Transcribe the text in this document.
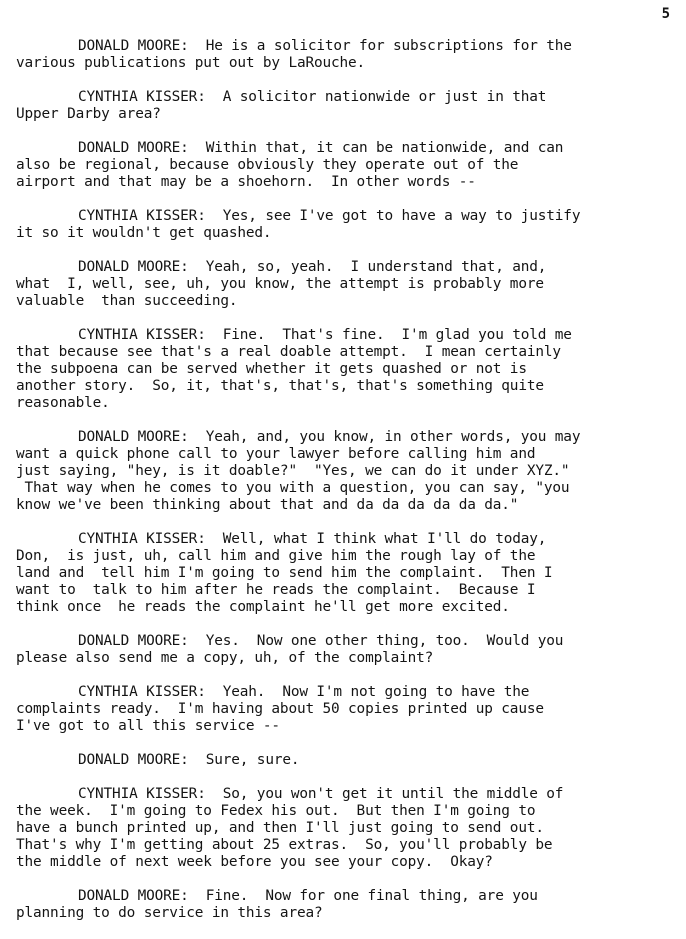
5

DONALD MOORE:  He is a solicitor for subscriptions for the
various publications put out by LaRouche.

CYNTHIA KISSER:  A solicitor nationwide or just in that
Upper Darby area?

DONALD MOORE:  Within that, it can be nationwide, and can
also be regional, because obviously they operate out of the
airport and that may be a shoehorn.  In other words --

CYNTHIA KISSER:  Yes, see I've got to have a way to justify
it so it wouldn't get quashed.

DONALD MOORE:  Yeah, so, yeah.  I understand that, and,
what  I, well, see, uh, you know, the attempt is probably more
valuable  than succeeding.

CYNTHIA KISSER:  Fine.  That's fine.  I'm glad you told me
that because see that's a real doable attempt.  I mean certainly
the subpoena can be served whether it gets quashed or not is
another story.  So, it, that's, that's, that's something quite
reasonable.

DONALD MOORE:  Yeah, and, you know, in other words, you may
want a quick phone call to your lawyer before calling him and
just saying, "hey, is it doable?"  "Yes, we can do it under XYZ."
That way when he comes to you with a question, you can say, "you
know we've been thinking about that and da da da da da da."

CYNTHIA KISSER:  Well, what I think what I'll do today,
Don,  is just, uh, call him and give him the rough lay of the
land and  tell him I'm going to send him the complaint.  Then I
want to  talk to him after he reads the complaint.  Because I
think once  he reads the complaint he'll get more excited.

DONALD MOORE:  Yes.  Now one other thing, too.  Would you
please also send me a copy, uh, of the complaint?

CYNTHIA KISSER:  Yeah.  Now I'm not going to have the
complaints ready.  I'm having about 50 copies printed up cause
I've got to all this service --

DONALD MOORE:  Sure, sure.

CYNTHIA KISSER:  So, you won't get it until the middle of
the week.  I'm going to Fedex his out.  But then I'm going to
have a bunch printed up, and then I'll just going to send out.
That's why I'm getting about 25 extras.  So, you'll probably be
the middle of next week before you see your copy.  Okay?

DONALD MOORE:  Fine.  Now for one final thing, are you
planning to do service in this area?
